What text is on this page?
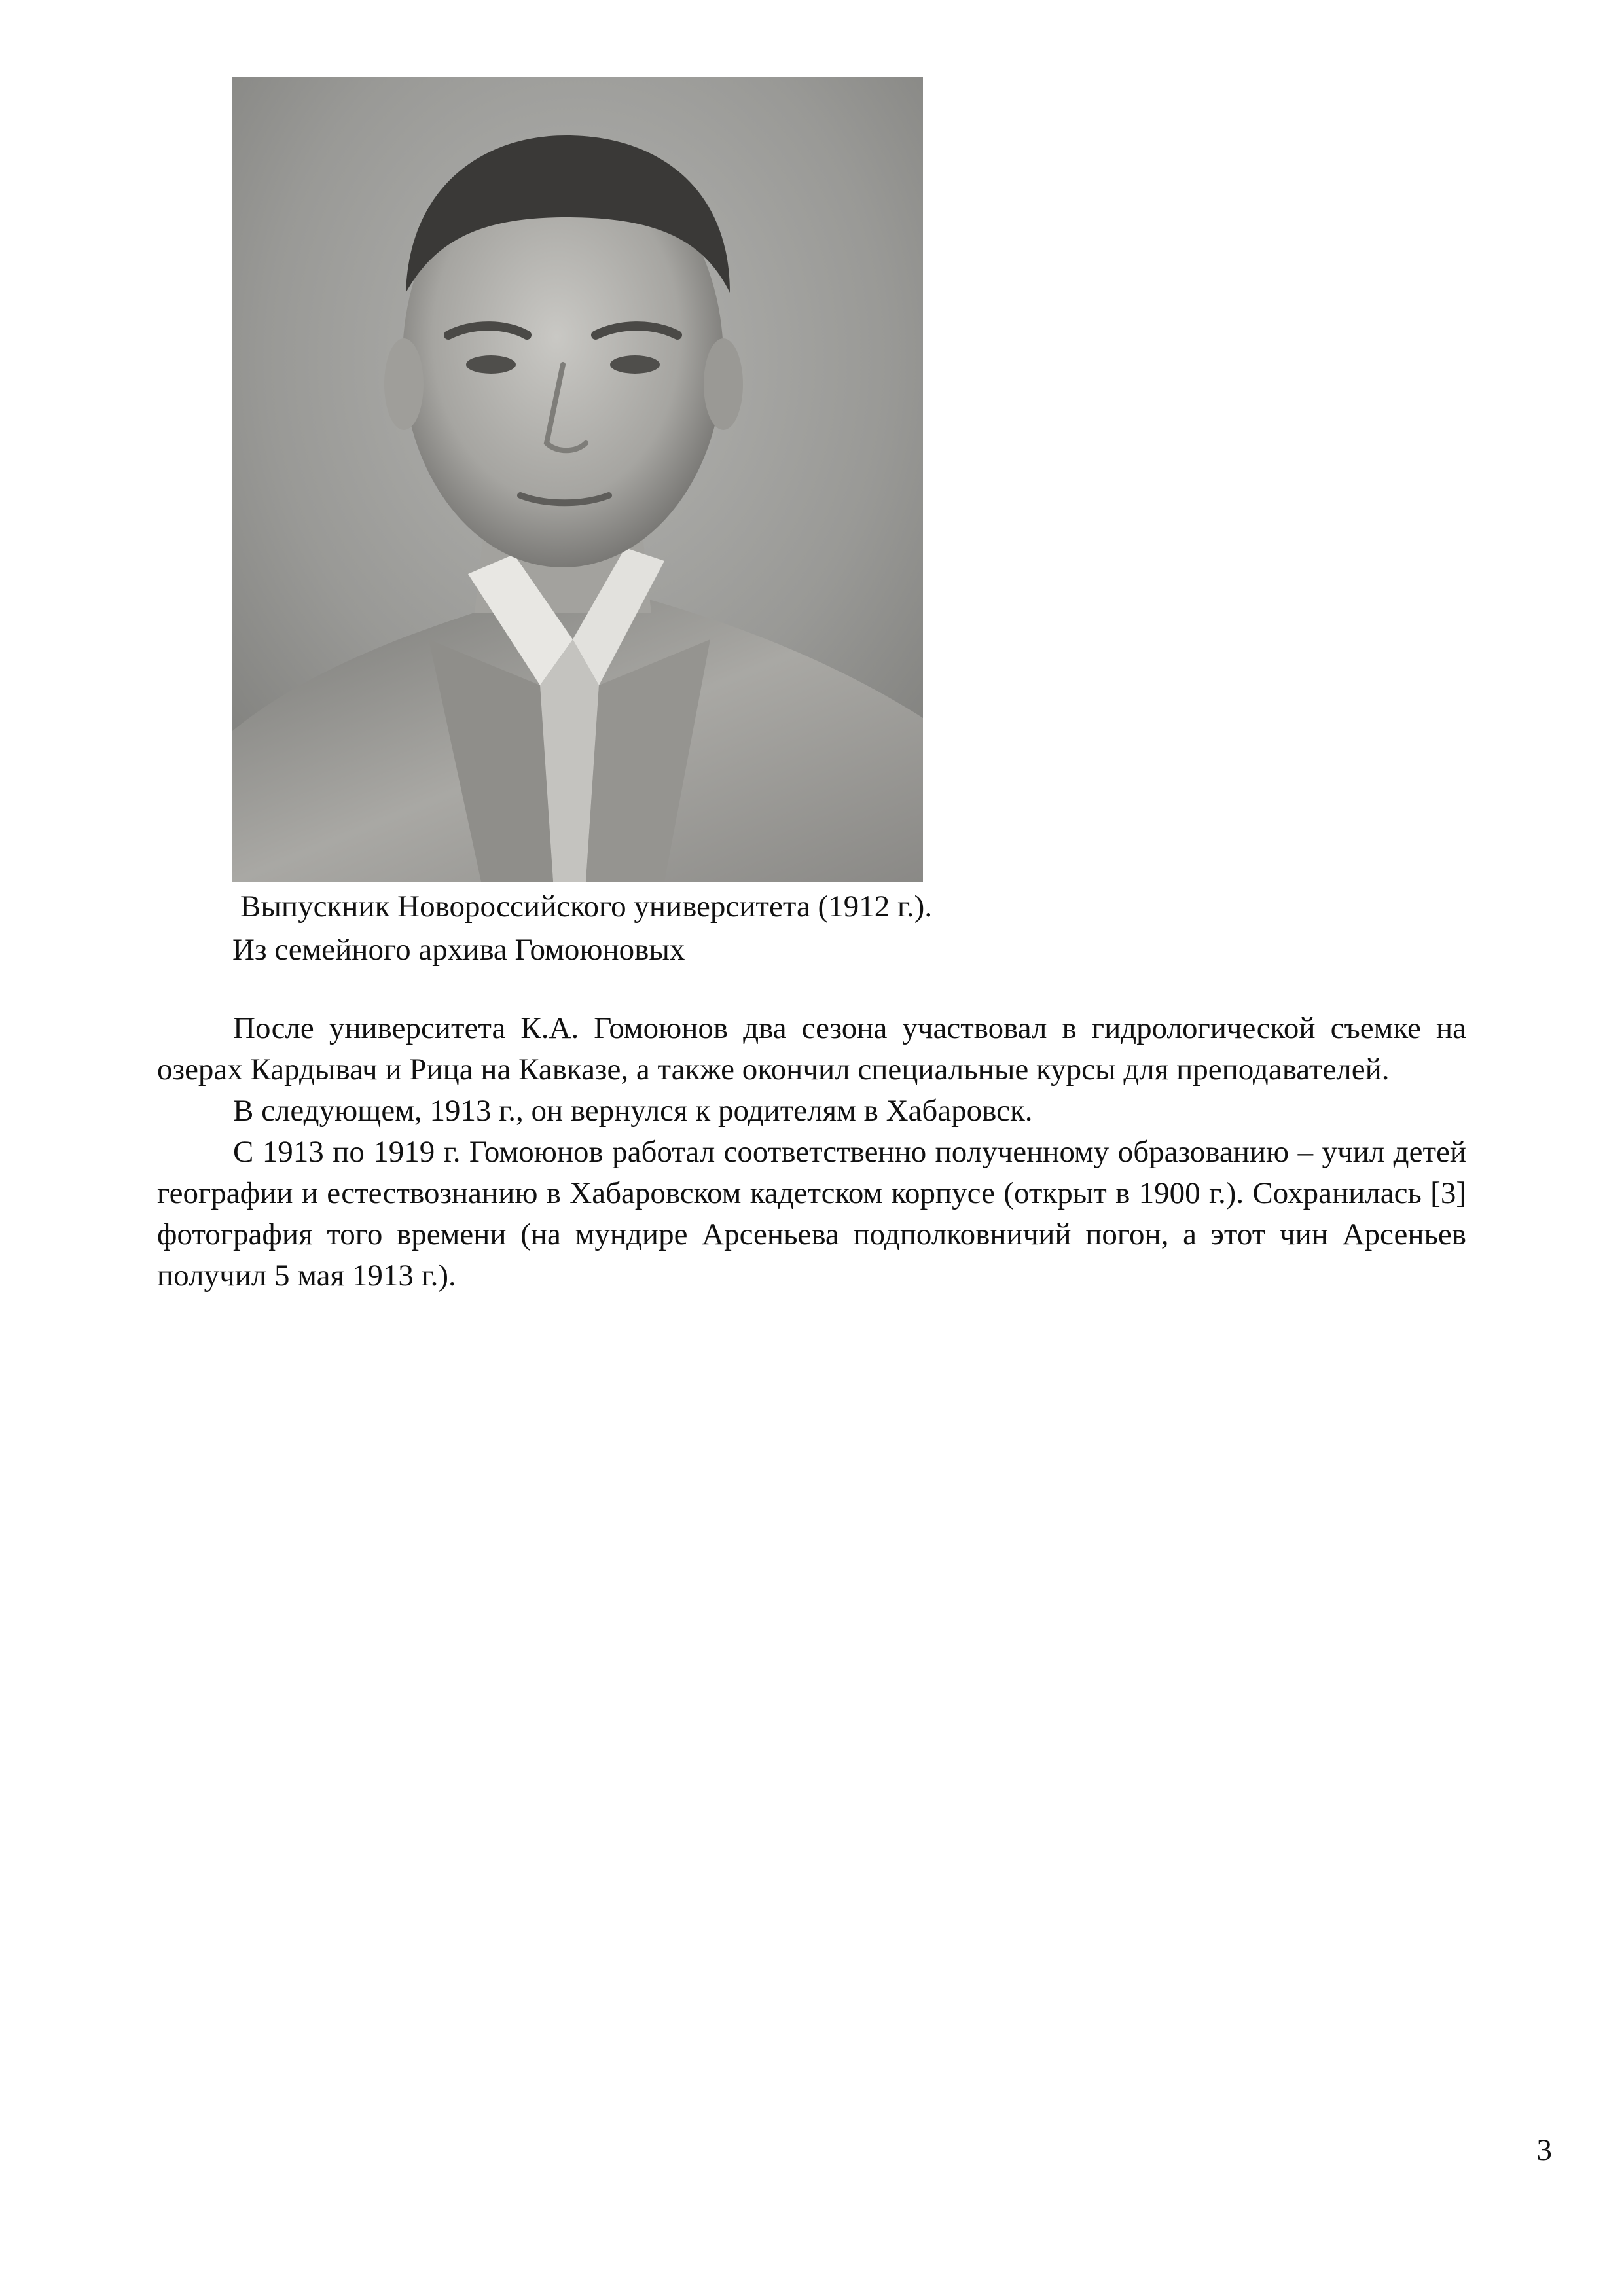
Выпускник Новороссийского университета (1912 г.).
Из семейного архива Гомоюновых

После университета К.А. Гомоюнов два сезона участвовал в гидрологической съемке на озерах Кардывач и Рица на Кавказе, а также окончил специальные курсы для преподавателей.

В следующем, 1913 г., он вернулся к родителям в Хабаровск.

С 1913 по 1919 г. Гомоюнов работал соответственно полученному образованию – учил детей географии и естествознанию в Хабаровском кадетском корпусе (открыт в 1900 г.). Сохранилась [3] фотография того времени (на мундире Арсеньева подполковничий погон, а этот чин Арсеньев получил 5 мая 1913 г.).

3
